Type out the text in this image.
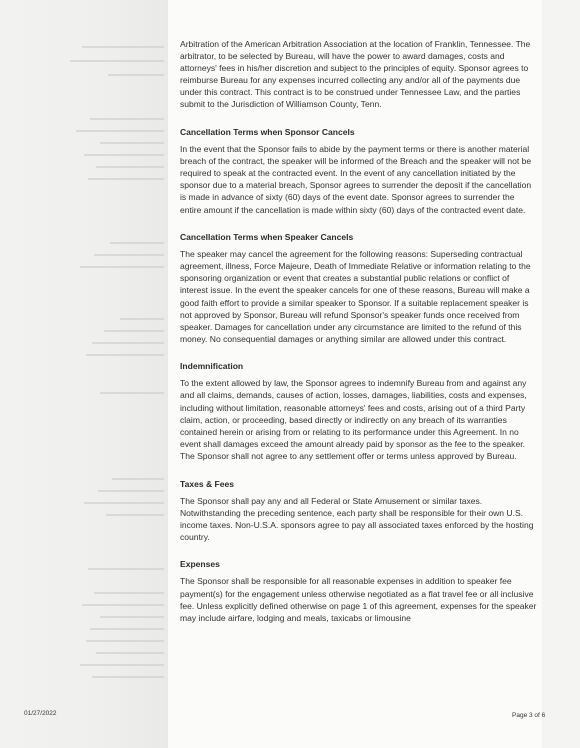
Arbitration of the American Arbitration Association at the location of Franklin, Tennessee. The arbitrator, to be selected by Bureau, will have the power to award damages, costs and attorneys' fees in his/her discretion and subject to the principles of equity. Sponsor agrees to reimburse Bureau for any expenses incurred collecting any and/or all of the payments due under this contract. This contract is to be construed under Tennessee Law, and the parties submit to the Jurisdiction of Williamson County, Tenn.

Cancellation Terms when Sponsor Cancels

In the event that the Sponsor fails to abide by the payment terms or there is another material breach of the contract, the speaker will be informed of the Breach and the speaker will not be required to speak at the contracted event. In the event of any cancellation initiated by the sponsor due to a material breach, Sponsor agrees to surrender the deposit if the cancellation is made in advance of sixty (60) days of the event date. Sponsor agrees to surrender the entire amount if the cancellation is made within sixty (60) days of the contracted event date.

Cancellation Terms when Speaker Cancels

The speaker may cancel the agreement for the following reasons: Superseding contractual agreement, illness, Force Majeure, Death of Immediate Relative or information relating to the sponsoring organization or event that creates a substantial public relations or conflict of interest issue. In the event the speaker cancels for one of these reasons, Bureau will make a good faith effort to provide a similar speaker to Sponsor. If a suitable replacement speaker is not approved by Sponsor, Bureau will refund Sponsor's speaker funds once received from speaker. Damages for cancellation under any circumstance are limited to the refund of this money. No consequential damages or anything similar are allowed under this contract.

Indemnification

To the extent allowed by law, the Sponsor agrees to indemnify Bureau from and against any and all claims, demands, causes of action, losses, damages, liabilities, costs and expenses, including without limitation, reasonable attorneys' fees and costs, arising out of a third Party claim, action, or proceeding, based directly or indirectly on any breach of its warranties contained herein or arising from or relating to its performance under this Agreement. In no event shall damages exceed the amount already paid by sponsor as the fee to the speaker. The Sponsor shall not agree to any settlement offer or terms unless approved by Bureau.

Taxes & Fees

The Sponsor shall pay any and all Federal or State Amusement or similar taxes. Notwithstanding the preceding sentence, each party shall be responsible for their own U.S. income taxes. Non-U.S.A. sponsors agree to pay all associated taxes enforced by the hosting country.

Expenses

The Sponsor shall be responsible for all reasonable expenses in addition to speaker fee payment(s) for the engagement unless otherwise negotiated as a flat travel fee or all inclusive fee. Unless explicitly defined otherwise on page 1 of this agreement, expenses for the speaker may include airfare, lodging and meals, taxicabs or limousine

01/27/2022	Page 3 of 6
